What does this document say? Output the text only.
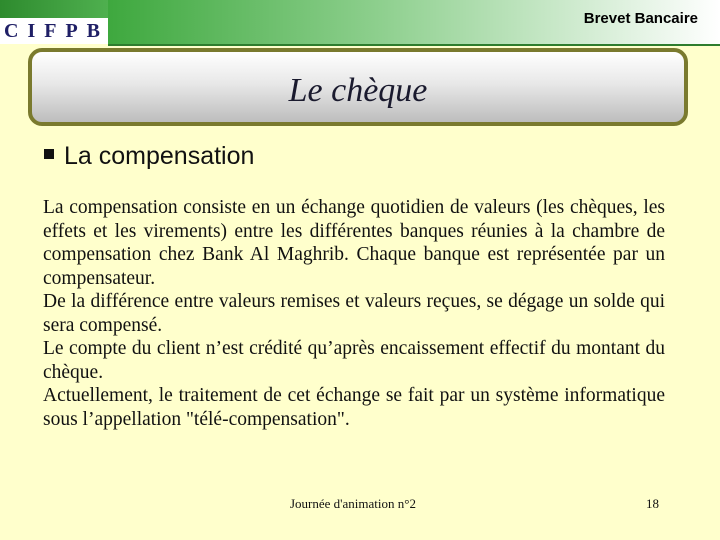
CIFPB
Brevet Bancaire
Le chèque
La compensation

La compensation consiste en un échange quotidien de valeurs (les chèques, les effets et les virements) entre les différentes banques réunies à la chambre de compensation chez Bank Al Maghrib. Chaque banque est représentée par un compensateur.

De la différence entre valeurs remises et valeurs reçues, se dégage un solde qui sera compensé.

Le compte du client n’est crédité qu’après encaissement effectif du montant du chèque.

Actuellement, le traitement de cet échange se fait par un système informatique sous l’appellation "télé-compensation".

Journée d'animation n°2	18
